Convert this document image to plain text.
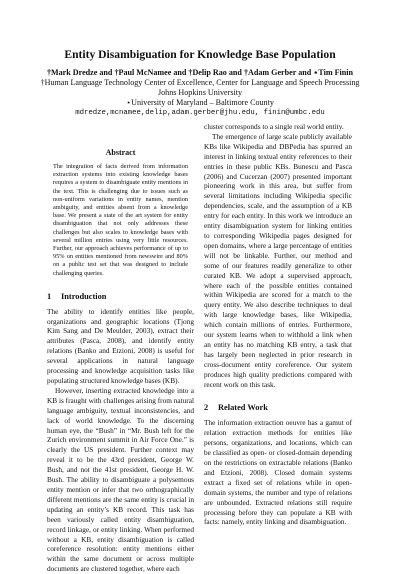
Entity Disambiguation for Knowledge Base Population
†Mark Dredze and †Paul McNamee and †Delip Rao and †Adam Gerber and ⋆Tim Finin
†Human Language Technology Center of Excellence, Center for Language and Speech Processing
Johns Hopkins University
⋆University of Maryland – Baltimore County
mdredze,mcnamee,delip,adam.gerber@jhu.edu, finin@umbc.edu
Abstract

The integration of facts derived from information extraction systems into existing knowledge bases requires a system to disambiguate entity mentions in the text. This is challenging due to issues such as non-uniform variations in entity names, mention ambiguity, and entities absent from a knowledge base. We present a state of the art system for entity disambiguation that not only addresses these challenges but also scales to knowledge bases with several million entries using very little resources. Further, our approach achieves performance of up to 95% on entities mentioned from newswire and 80% on a public test set that was designed to include challenging queries.

1 Introduction

The ability to identify entities like people, organizations and geographic locations (Tjong Kim Sang and De Meulder, 2003), extract their attributes (Pasca, 2008), and identify entity relations (Banko and Etzioni, 2008) is useful for several applications in natural language processing and knowledge acquisition tasks like populating structured knowledge bases (KB).

However, inserting extracted knowledge into a KB is fraught with challenges arising from natural language ambiguity, textual inconsistencies, and lack of world knowledge. To the discerning human eye, the “Bush” in “Mr. Bush left for the Zurich environment summit in Air Force One.” is clearly the US president. Further context may reveal it to be the 43rd president, George W. Bush, and not the 41st president, George H. W. Bush. The ability to disambiguate a polysemous entity mention or infer that two orthographically different mentions are the same entity is crucial in updating an entity’s KB record. This task has been variously called entity disambiguation, record linkage, or entity linking. When performed without a KB, entity disambiguation is called coreference resolution: entity mentions either within the same document or across multiple documents are clustered together, where each

cluster corresponds to a single real world entity.

The emergence of large scale publicly available KBs like Wikipedia and DBPedia has spurred an interest in linking textual entity references to their entries in these public KBs. Bunescu and Pasca (2006) and Cucerzan (2007) presented important pioneering work in this area, but suffer from several limitations including Wikipedia specific dependencies, scale, and the assumption of a KB entry for each entity. In this work we introduce an entity disambiguation system for linking entities to corresponding Wikipedia pages designed for open domains, where a large percentage of entities will not be linkable. Further, our method and some of our features readily generalize to other curated KB. We adopt a supervised approach, where each of the possible entities contained within Wikipedia are scored for a match to the query entity. We also describe techniques to deal with large knowledge bases, like Wikipedia, which contain millions of entries. Furthermore, our system learns when to withhold a link when an entity has no matching KB entry, a task that has largely been neglected in prior research in cross-document entity coreference. Our system produces high quality predictions compared with recent work on this task.

2 Related Work

The information extraction oeuvre has a gamut of relation extraction methods for entities like persons, organizations, and locations, which can be classified as open- or closed-domain depending on the restrictions on extractable relations (Banko and Etzioni, 2008). Closed domain systems extract a fixed set of relations while in open-domain systems, the number and type of relations are unbounded. Extracted relations still require processing before they can populate a KB with facts: namely, entity linking and disambiguation.
